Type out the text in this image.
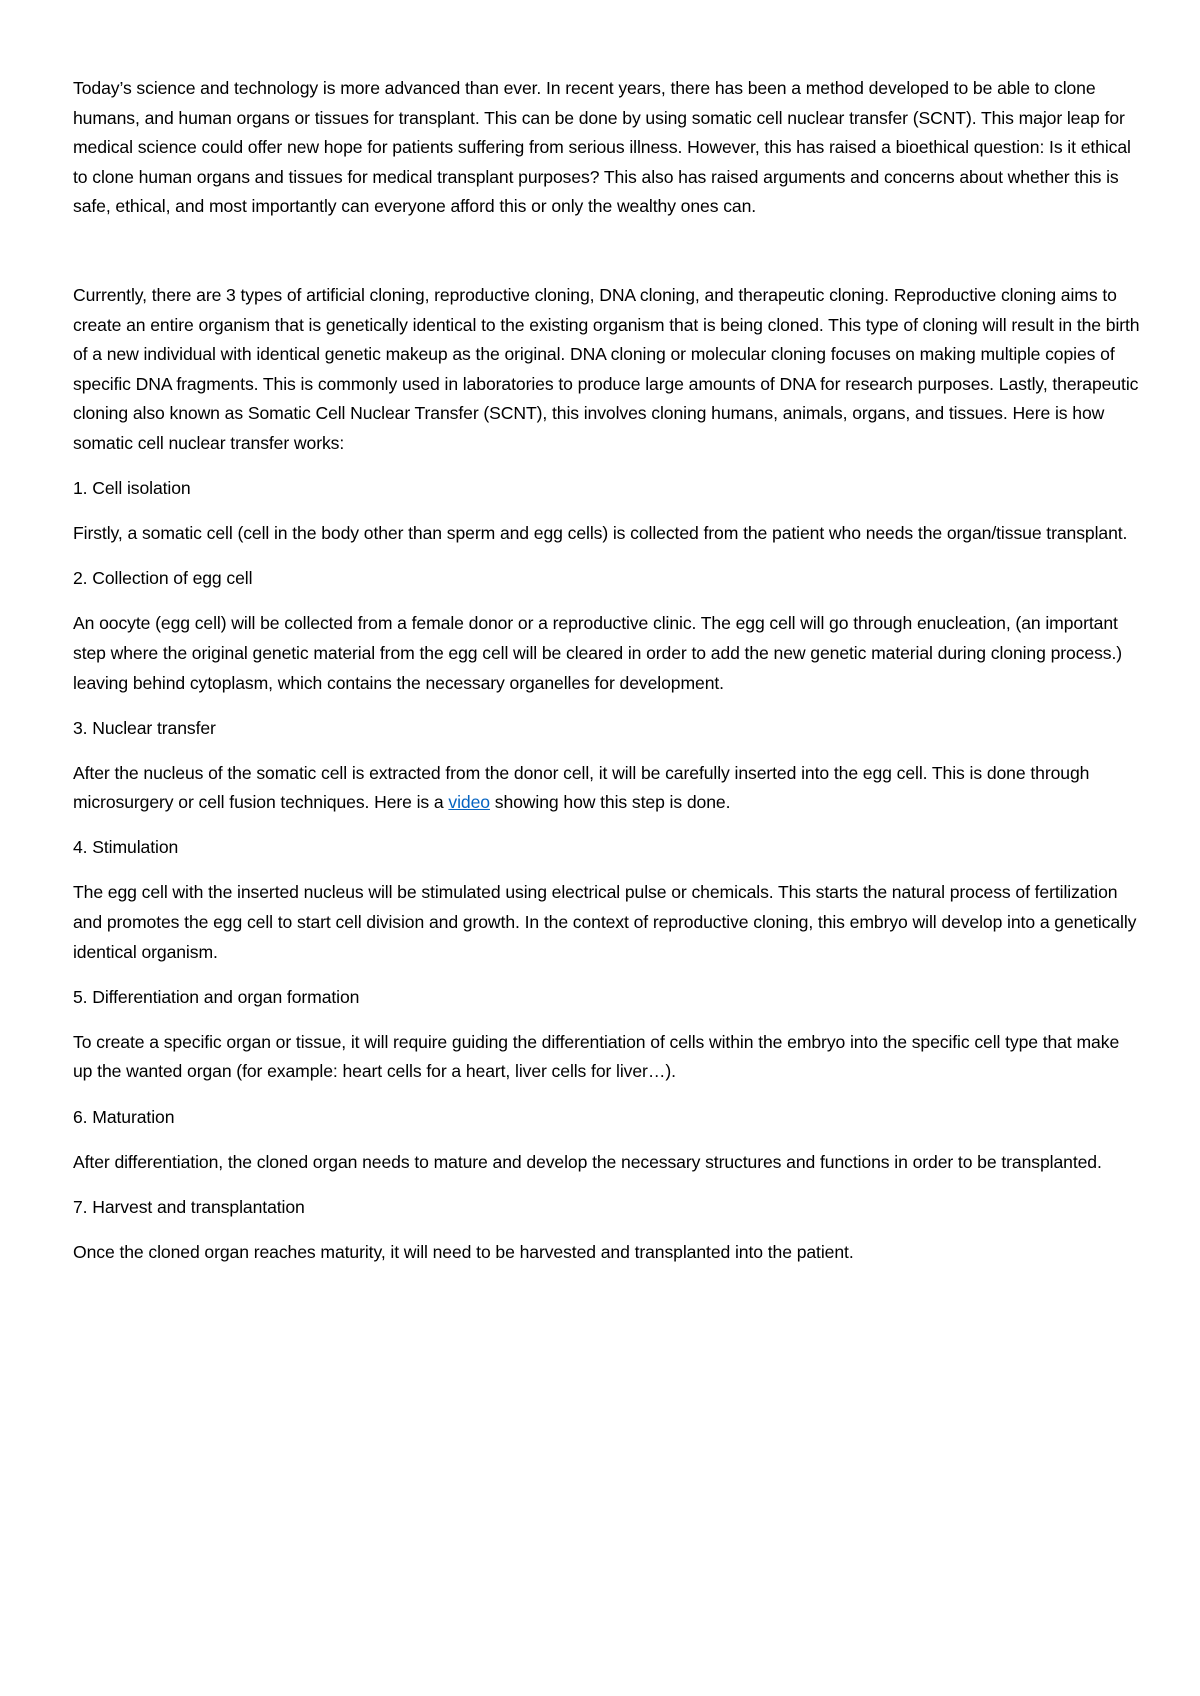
Today’s science and technology is more advanced than ever. In recent years, there has been a method developed to be able to clone humans, and human organs or tissues for transplant. This can be done by using somatic cell nuclear transfer (SCNT). This major leap for medical science could offer new hope for patients suffering from serious illness. However, this has raised a bioethical question: Is it ethical to clone human organs and tissues for medical transplant purposes? This also has raised arguments and concerns about whether this is safe, ethical, and most importantly can everyone afford this or only the wealthy ones can.

Currently, there are 3 types of artificial cloning, reproductive cloning, DNA cloning, and therapeutic cloning. Reproductive cloning aims to create an entire organism that is genetically identical to the existing organism that is being cloned. This type of cloning will result in the birth of a new individual with identical genetic makeup as the original. DNA cloning or molecular cloning focuses on making multiple copies of specific DNA fragments. This is commonly used in laboratories to produce large amounts of DNA for research purposes. Lastly, therapeutic cloning also known as Somatic Cell Nuclear Transfer (SCNT), this involves cloning humans, animals, organs, and tissues. Here is how somatic cell nuclear transfer works:

1. Cell isolation

Firstly, a somatic cell (cell in the body other than sperm and egg cells) is collected from the patient who needs the organ/tissue transplant.

2. Collection of egg cell

An oocyte (egg cell) will be collected from a female donor or a reproductive clinic. The egg cell will go through enucleation, (an important step where the original genetic material from the egg cell will be cleared in order to add the new genetic material during cloning process.) leaving behind cytoplasm, which contains the necessary organelles for development.

3. Nuclear transfer

After the nucleus of the somatic cell is extracted from the donor cell, it will be carefully inserted into the egg cell. This is done through microsurgery or cell fusion techniques. Here is a video showing how this step is done.

4. Stimulation

The egg cell with the inserted nucleus will be stimulated using electrical pulse or chemicals. This starts the natural process of fertilization and promotes the egg cell to start cell division and growth. In the context of reproductive cloning, this embryo will develop into a genetically identical organism.

5. Differentiation and organ formation

To create a specific organ or tissue, it will require guiding the differentiation of cells within the embryo into the specific cell type that make up the wanted organ (for example: heart cells for a heart, liver cells for liver…).

6. Maturation

After differentiation, the cloned organ needs to mature and develop the necessary structures and functions in order to be transplanted.

7. Harvest and transplantation

Once the cloned organ reaches maturity, it will need to be harvested and transplanted into the patient.
